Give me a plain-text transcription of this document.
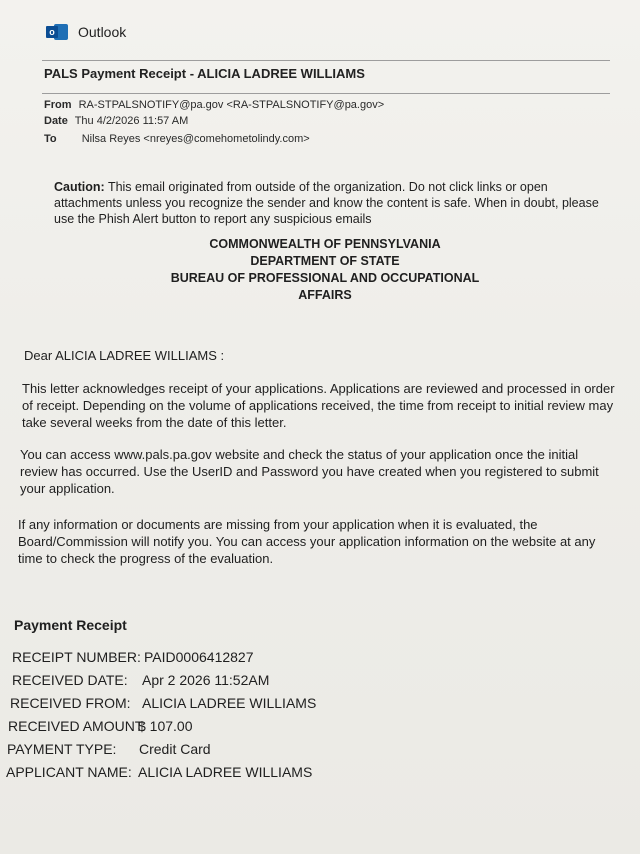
o Outlook
PALS Payment Receipt - ALICIA LADREE WILLIAMS
From RA-STPALSNOTIFY@pa.gov <RA-STPALSNOTIFY@pa.gov>
Date Thu 4/2/2026 11:57 AM
To Nilsa Reyes <nreyes@comehometolindy.com>
Caution: This email originated from outside of the organization. Do not click links or open attachments unless you recognize the sender and know the content is safe. When in doubt, please use the Phish Alert button to report any suspicious emails
COMMONWEALTH OF PENNSYLVANIA
DEPARTMENT OF STATE
BUREAU OF PROFESSIONAL AND OCCUPATIONAL AFFAIRS
Dear ALICIA LADREE WILLIAMS :
This letter acknowledges receipt of your applications. Applications are reviewed and processed in order of receipt. Depending on the volume of applications received, the time from receipt to initial review may take several weeks from the date of this letter.
You can access www.pals.pa.gov website and check the status of your application once the initial review has occurred. Use the UserID and Password you have created when you registered to submit your application.
If any information or documents are missing from your application when it is evaluated, the Board/Commission will notify you. You can access your application information on the website at any time to check the progress of the evaluation.
Payment Receipt
RECEIPT NUMBER: PAID0006412827
RECEIVED DATE:	Apr 2 2026 11:52AM
RECEIVED FROM: ALICIA LADREE WILLIAMS
RECEIVED AMOUNT:
$ 107.00
PAYMENT TYPE:	Credit Card
APPLICANT NAME: ALICIA LADREE WILLIAMS
